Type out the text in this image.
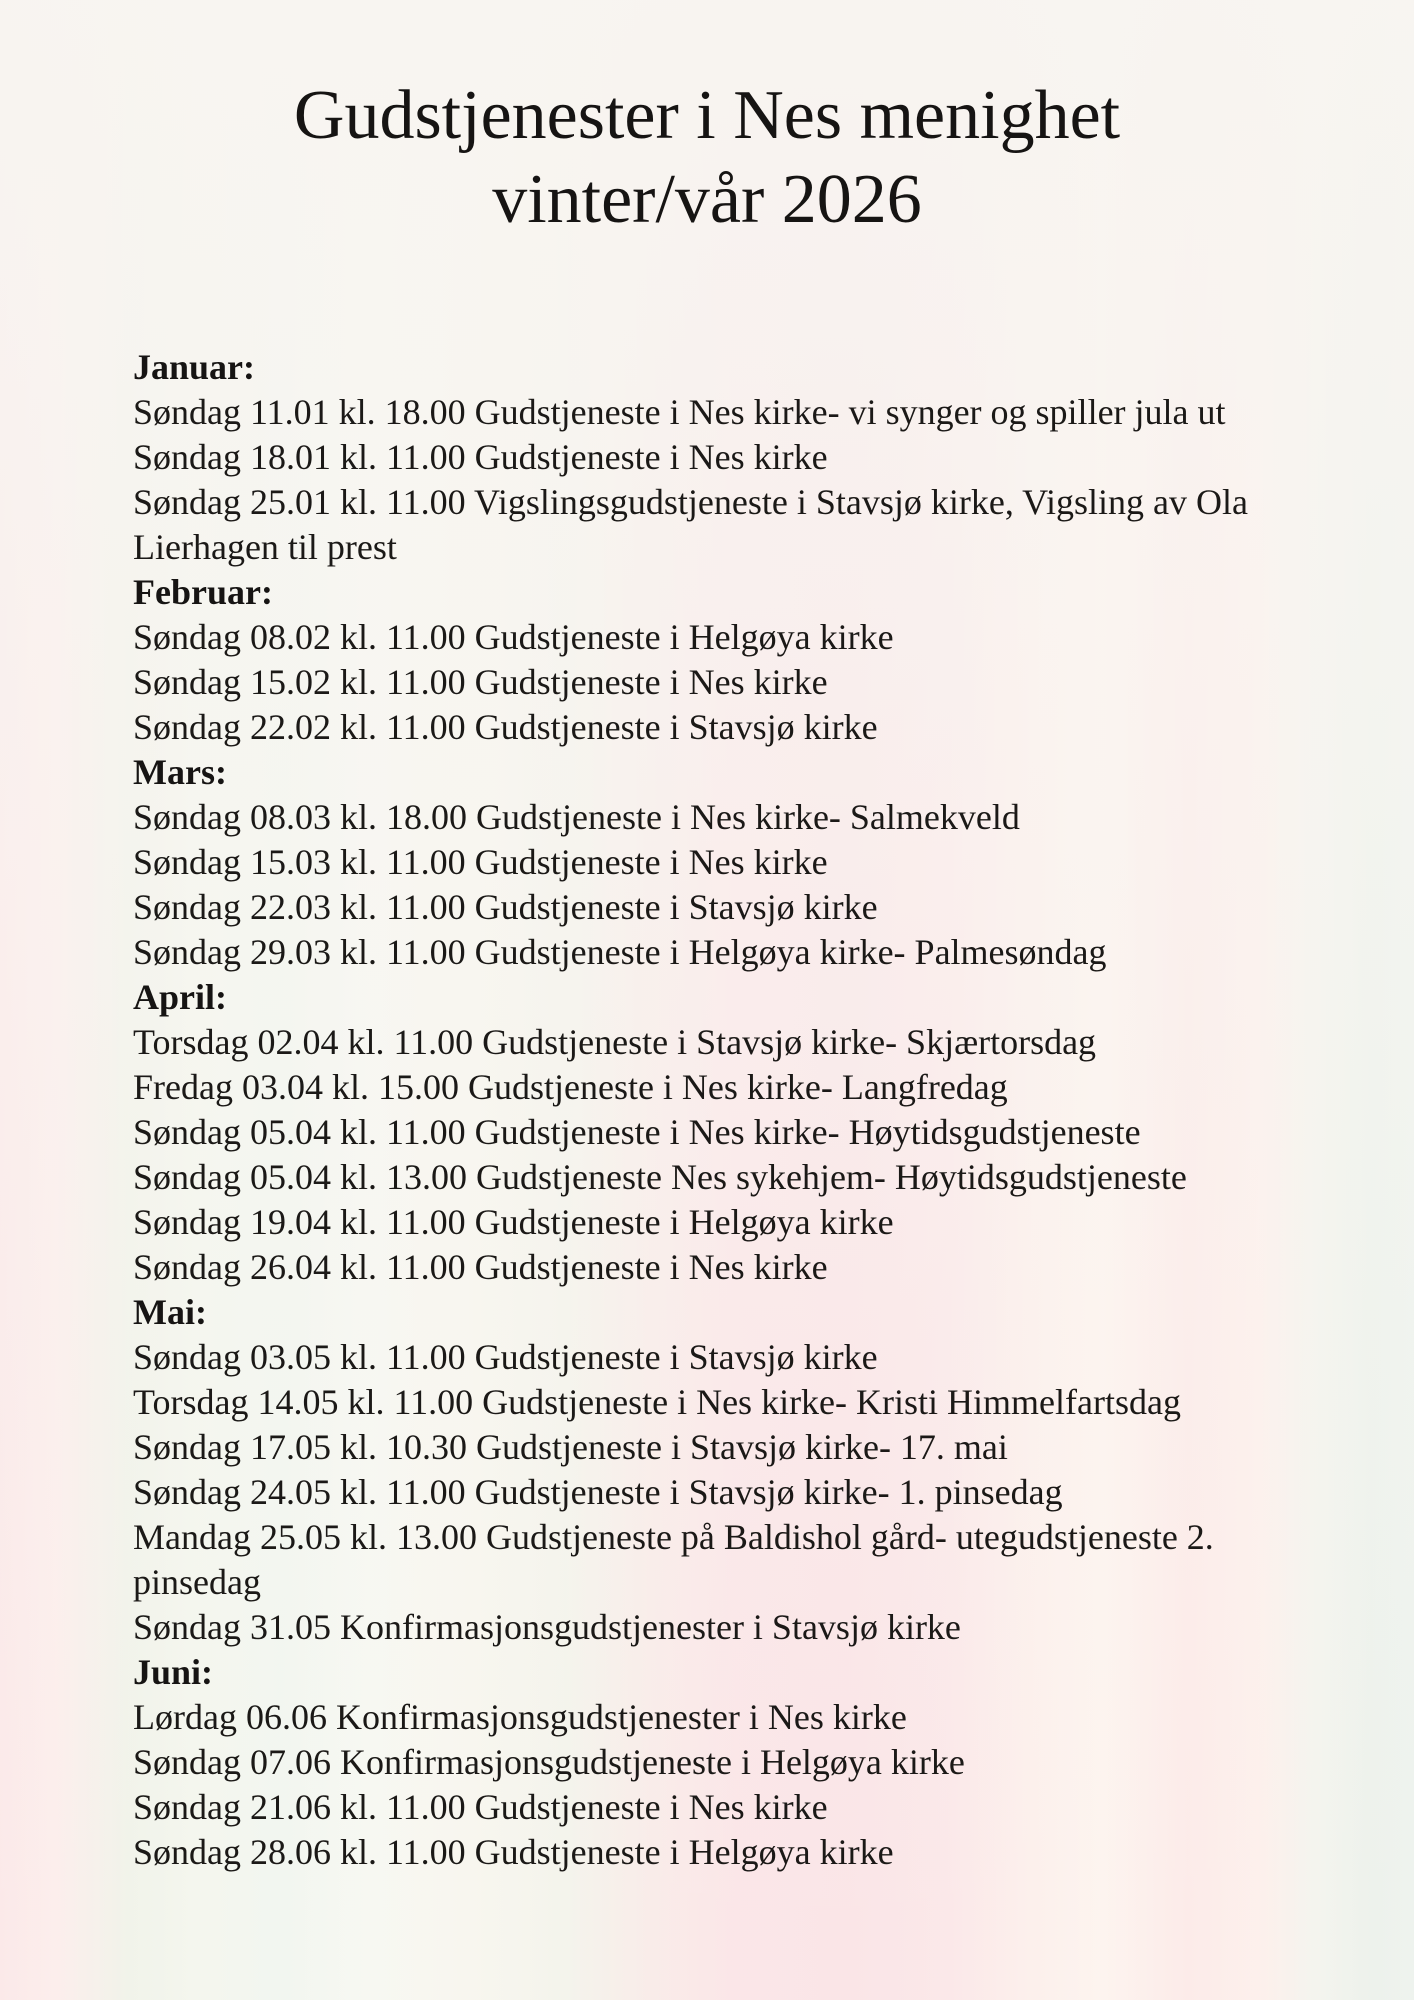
Gudstjenester i Nes menighet
vinter/vår 2026
Januar:
Søndag 11.01 kl. 18.00 Gudstjeneste i Nes kirke- vi synger og spiller jula ut
Søndag 18.01 kl. 11.00 Gudstjeneste i Nes kirke
Søndag 25.01 kl. 11.00 Vigslingsgudstjeneste i Stavsjø kirke, Vigsling av Ola Lierhagen til prest
Februar:
Søndag 08.02 kl. 11.00 Gudstjeneste i Helgøya kirke
Søndag 15.02 kl. 11.00 Gudstjeneste i Nes kirke
Søndag 22.02 kl. 11.00 Gudstjeneste i Stavsjø kirke
Mars:
Søndag 08.03 kl. 18.00 Gudstjeneste i Nes kirke- Salmekveld
Søndag 15.03 kl. 11.00 Gudstjeneste i Nes kirke
Søndag 22.03 kl. 11.00 Gudstjeneste i Stavsjø kirke
Søndag 29.03 kl. 11.00 Gudstjeneste i Helgøya kirke- Palmesøndag
April:
Torsdag 02.04 kl. 11.00 Gudstjeneste i Stavsjø kirke- Skjærtorsdag
Fredag 03.04 kl. 15.00 Gudstjeneste i Nes kirke- Langfredag
Søndag 05.04 kl. 11.00 Gudstjeneste i Nes kirke- Høytidsgudstjeneste
Søndag 05.04 kl. 13.00 Gudstjeneste Nes sykehjem- Høytidsgudstjeneste
Søndag 19.04 kl. 11.00 Gudstjeneste i Helgøya kirke
Søndag 26.04 kl. 11.00 Gudstjeneste i Nes kirke
Mai:
Søndag 03.05 kl. 11.00 Gudstjeneste i Stavsjø kirke
Torsdag 14.05 kl. 11.00 Gudstjeneste i Nes kirke- Kristi Himmelfartsdag
Søndag 17.05 kl. 10.30 Gudstjeneste i Stavsjø kirke- 17. mai
Søndag 24.05 kl. 11.00 Gudstjeneste i Stavsjø kirke- 1. pinsedag
Mandag 25.05 kl. 13.00 Gudstjeneste på Baldishol gård- utegudstjeneste 2. pinsedag
Søndag 31.05 Konfirmasjonsgudstjenester i Stavsjø kirke
Juni:
Lørdag 06.06 Konfirmasjonsgudstjenester i Nes kirke
Søndag 07.06 Konfirmasjonsgudstjeneste i Helgøya kirke
Søndag 21.06 kl. 11.00 Gudstjeneste i Nes kirke
Søndag 28.06 kl. 11.00 Gudstjeneste i Helgøya kirke
